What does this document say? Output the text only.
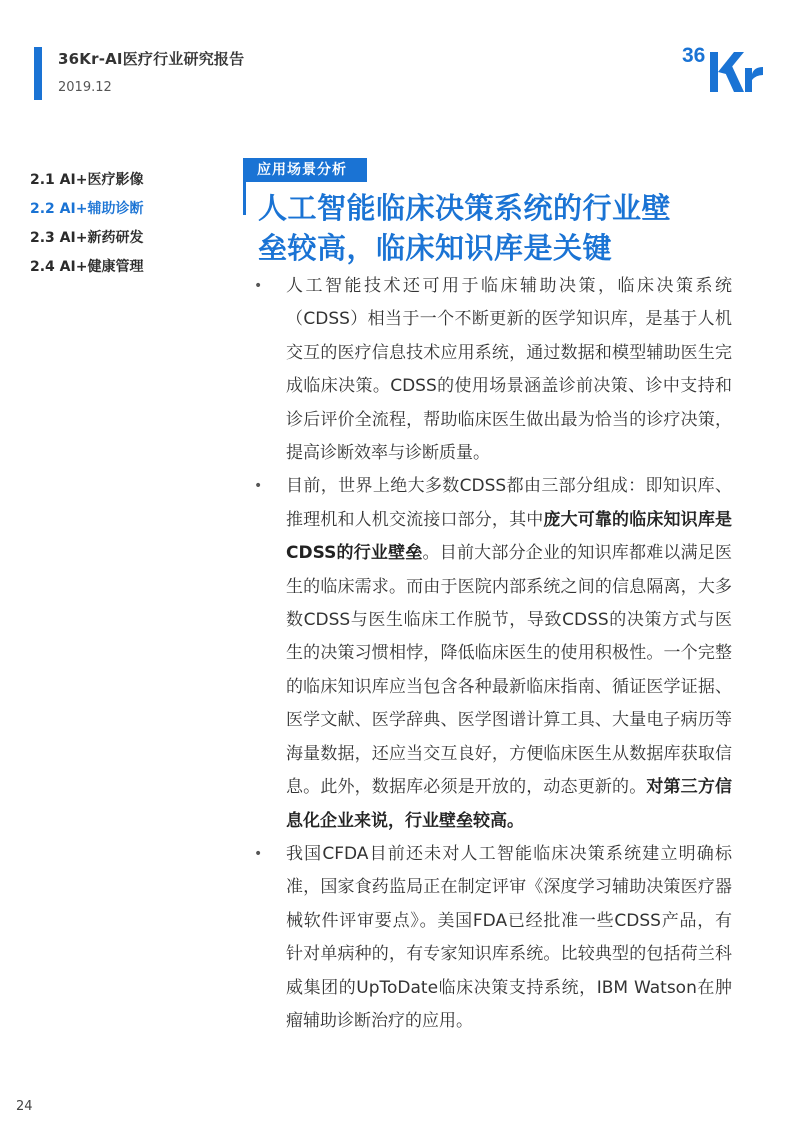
36Kr-AI医疗行业研究报告
2019.12
36
2.1 AI+医疗影像
2.2 AI+辅助诊断
2.3 AI+新药研发
2.4 AI+健康管理
应用场景分析
人工智能临床决策系统的行业壁
垒较高，临床知识库是关键
• 人工智能技术还可用于临床辅助决策，临床决策系统（CDSS）相当于一个不断更新的医学知识库，是基于人机交互的医疗信息技术应用系统，通过数据和模型辅助医生完成临床决策。CDSS的使用场景涵盖诊前决策、诊中支持和诊后评价全流程，帮助临床医生做出最为恰当的诊疗决策，提高诊断效率与诊断质量。
• 目前，世界上绝大多数CDSS都由三部分组成：即知识库、推理机和人机交流接口部分，其中庞大可靠的临床知识库是CDSS的行业壁垒。目前大部分企业的知识库都难以满足医生的临床需求。而由于医院内部系统之间的信息隔离，大多数CDSS与医生临床工作脱节，导致CDSS的决策方式与医生的决策习惯相悖，降低临床医生的使用积极性。一个完整的临床知识库应当包含各种最新临床指南、循证医学证据、医学文献、医学辞典、医学图谱计算工具、大量电子病历等海量数据，还应当交互良好，方便临床医生从数据库获取信息。此外，数据库必须是开放的，动态更新的。对第三方信息化企业来说，行业壁垒较高。
• 我国CFDA目前还未对人工智能临床决策系统建立明确标准，国家食药监局正在制定评审《深度学习辅助决策医疗器械软件评审要点》。美国FDA已经批准一些CDSS产品，有针对单病种的，有专家知识库系统。比较典型的包括荷兰科威集团的UpToDate临床决策支持系统，IBM Watson在肿瘤辅助诊断治疗的应用。
24
